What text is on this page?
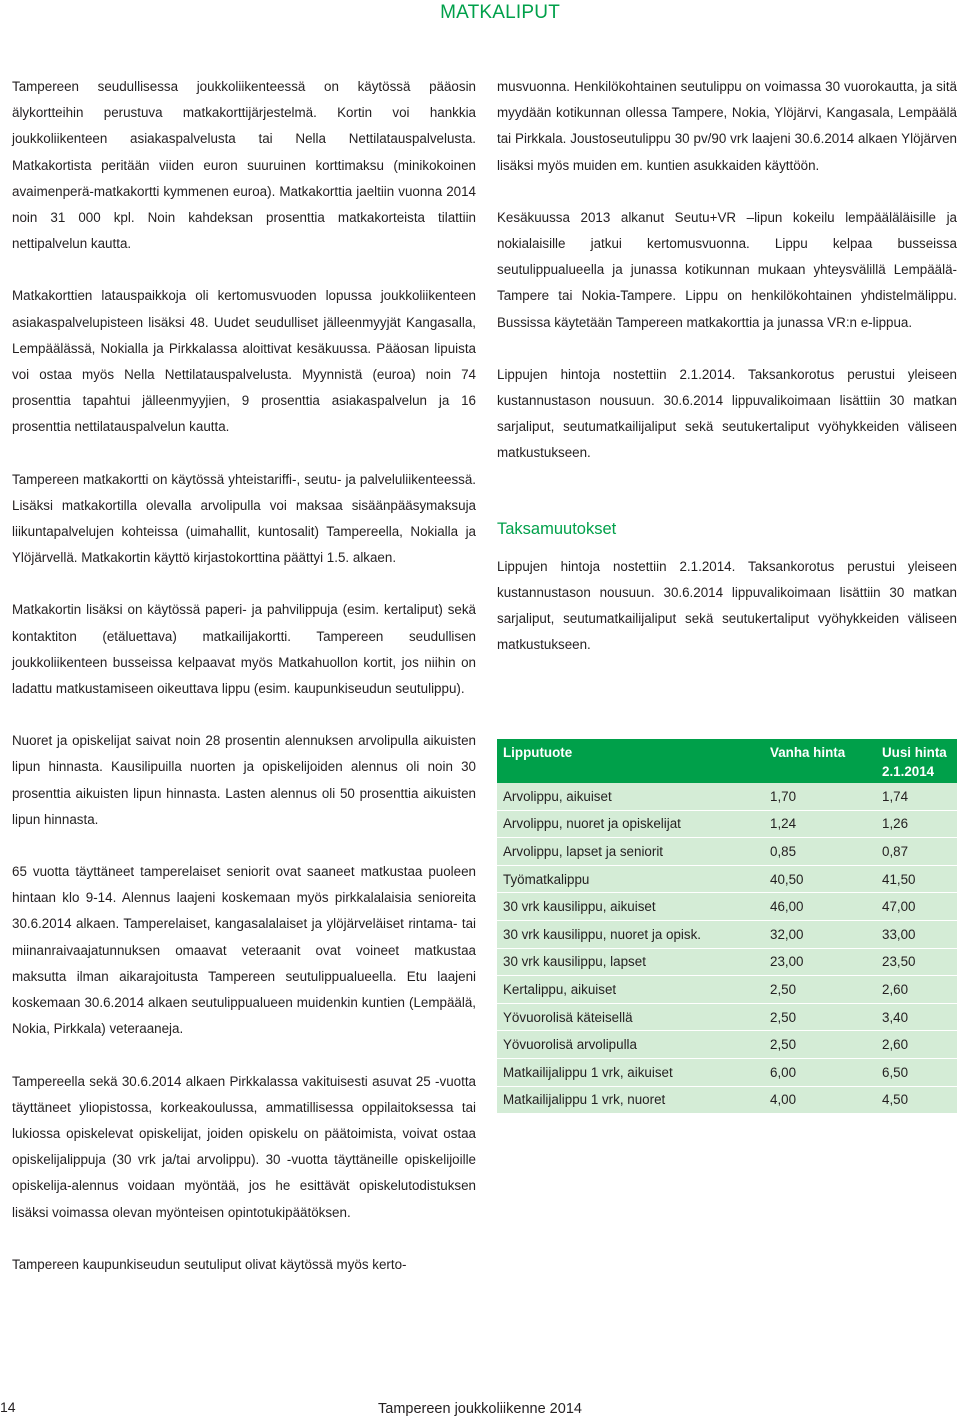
MATKALIPUT

Tampereen seudullisessa joukkoliikenteessä on käytössä pääosin älykortteihin perustuva matkakorttijärjestelmä. Kortin voi hankkia joukkoliikenteen asiakaspalvelusta tai Nella Nettilatauspalvelusta. Matkakortista peritään viiden euron suuruinen korttimaksu (minikokoinen avaimenperä-matkakortti kymmenen euroa). Matkakorttia jaeltiin vuonna 2014 noin 31 000 kpl. Noin kahdeksan prosenttia matkakorteista tilattiin nettipalvelun kautta.

Matkakorttien latauspaikkoja oli kertomusvuoden lopussa joukkoliikenteen asiakaspalvelupisteen lisäksi 48. Uudet seudulliset jälleenmyyjät Kangasalla, Lempäälässä, Nokialla ja Pirkkalassa aloittivat kesäkuussa. Pääosan lipuista voi ostaa myös Nella Nettilatauspalvelusta. Myynnistä (euroa) noin 74 prosenttia tapahtui jälleenmyyjien, 9 prosenttia asiakaspalvelun ja 16 prosenttia nettilatauspalvelun kautta.

Tampereen matkakortti on käytössä yhteistariffi-, seutu- ja palveluliikenteessä. Lisäksi matkakortilla olevalla arvolipulla voi maksaa sisäänpääsymaksuja liikuntapalvelujen kohteissa (uimahallit, kuntosalit) Tampereella, Nokialla ja Ylöjärvellä. Matkakortin käyttö kirjastokorttina päättyi 1.5. alkaen.

Matkakortin lisäksi on käytössä paperi- ja pahvilippuja (esim. kertaliput) sekä kontaktiton (etäluettava) matkailijakortti. Tampereen seudullisen joukkoliikenteen busseissa kelpaavat myös Matkahuollon kortit, jos niihin on ladattu matkustamiseen oikeuttava lippu (esim. kaupunkiseudun seutulippu).

Nuoret ja opiskelijat saivat noin 28 prosentin alennuksen arvolipulla aikuisten lipun hinnasta. Kausilipuilla nuorten ja opiskelijoiden alennus oli noin 30 prosenttia aikuisten lipun hinnasta. Lasten alennus oli 50 prosenttia aikuisten lipun hinnasta.

65 vuotta täyttäneet tamperelaiset seniorit ovat saaneet matkustaa puoleen hintaan klo 9-14. Alennus laajeni koskemaan myös pirkkalalaisia senioreita 30.6.2014 alkaen. Tamperelaiset, kangasalalaiset ja ylöjärveläiset rintama- tai miinanraivaajatunnuksen omaavat veteraanit ovat voineet matkustaa maksutta ilman aikarajoitusta Tampereen seutulippualueella. Etu laajeni koskemaan 30.6.2014 alkaen seutulippualueen muidenkin kuntien (Lempäälä, Nokia, Pirkkala) veteraaneja.

Tampereella sekä 30.6.2014 alkaen Pirkkalassa vakituisesti asuvat 25 -vuotta täyttäneet yliopistossa, korkeakoulussa, ammatillisessa oppilaitoksessa tai lukiossa opiskelevat opiskelijat, joiden opiskelu on päätoimista, voivat ostaa opiskelijalippuja (30 vrk ja/tai arvolippu). 30 -vuotta täyttäneille opiskelijoille opiskelija-alennus voidaan myöntää, jos he esittävät opiskelutodistuksen lisäksi voimassa olevan myönteisen opintotukipäätöksen.

Tampereen kaupunkiseudun seutuliput olivat käytössä myös kerto-

musvuonna. Henkilökohtainen seutulippu on voimassa 30 vuorokautta, ja sitä myydään kotikunnan ollessa Tampere, Nokia, Ylöjärvi, Kangasala, Lempäälä tai Pirkkala. Joustoseutulippu 30 pv/90 vrk laajeni 30.6.2014 alkaen Ylöjärven lisäksi myös muiden em. kuntien asukkaiden käyttöön.

Kesäkuussa 2013 alkanut Seutu+VR –lipun kokeilu lempääläläisille ja nokialaisille jatkui kertomusvuonna. Lippu kelpaa busseissa seutulippualueella ja junassa kotikunnan mukaan yhteysvälillä Lempäälä-Tampere tai Nokia-Tampere. Lippu on henkilökohtainen yhdistelmälippu. Bussissa käytetään Tampereen matkakorttia ja junassa VR:n e-lippua.

Lippujen hintoja nostettiin 2.1.2014. Taksankorotus perustui yleiseen kustannustason nousuun. 30.6.2014 lippuvalikoimaan lisättiin 30 matkan sarjaliput, seutumatkailijaliput sekä seutukertaliput vyöhykkeiden väliseen matkustukseen.

Taksamuutokset

Lippujen hintoja nostettiin 2.1.2014. Taksankorotus perustui yleiseen kustannustason nousuun. 30.6.2014 lippuvalikoimaan lisättiin 30 matkan sarjaliput, seutumatkailijaliput sekä seutukertaliput vyöhykkeiden väliseen matkustukseen.

Lipputuote	Vanha hinta	Uusi hinta 2.1.2014
Arvolippu, aikuiset	1,70	1,74
Arvolippu, nuoret ja opiskelijat	1,24	1,26
Arvolippu, lapset ja seniorit	0,85	0,87
Työmatkalippu	40,50	41,50
30 vrk kausilippu, aikuiset	46,00	47,00
30 vrk kausilippu, nuoret ja opisk.	32,00	33,00
30 vrk kausilippu, lapset	23,00	23,50
Kertalippu, aikuiset	2,50	2,60
Yövuorolisä käteisellä	2,50	3,40
Yövuorolisä arvolipulla	2,50	2,60
Matkailijalippu 1 vrk, aikuiset	6,00	6,50
Matkailijalippu 1 vrk, nuoret	4,00	4,50
14	Tampereen joukkoliikenne 2014
